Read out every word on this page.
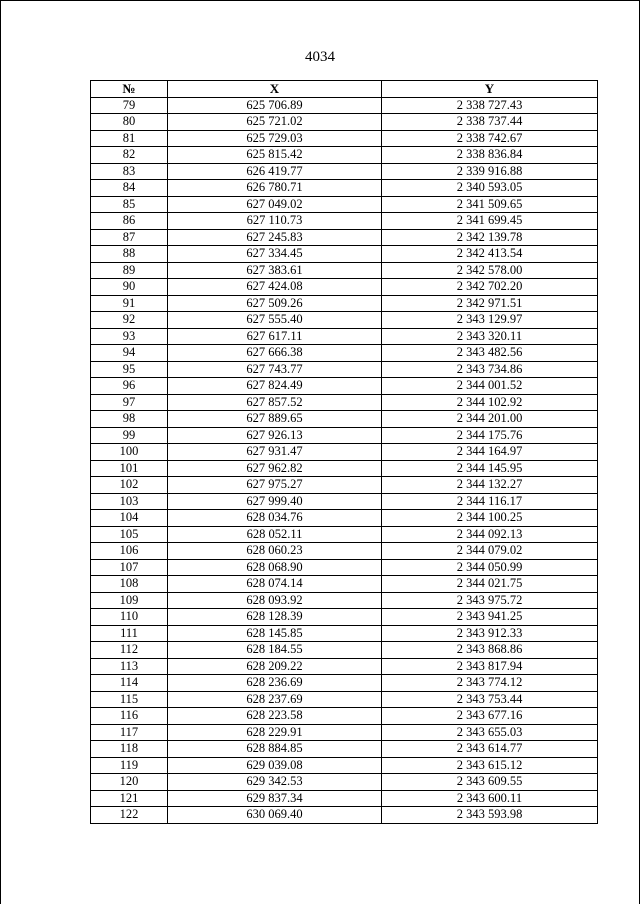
4034
№	X	Y
79	625 706.89	2 338 727.43
80	625 721.02	2 338 737.44
81	625 729.03	2 338 742.67
82	625 815.42	2 338 836.84
83	626 419.77	2 339 916.88
84	626 780.71	2 340 593.05
85	627 049.02	2 341 509.65
86	627 110.73	2 341 699.45
87	627 245.83	2 342 139.78
88	627 334.45	2 342 413.54
89	627 383.61	2 342 578.00
90	627 424.08	2 342 702.20
91	627 509.26	2 342 971.51
92	627 555.40	2 343 129.97
93	627 617.11	2 343 320.11
94	627 666.38	2 343 482.56
95	627 743.77	2 343 734.86
96	627 824.49	2 344 001.52
97	627 857.52	2 344 102.92
98	627 889.65	2 344 201.00
99	627 926.13	2 344 175.76
100	627 931.47	2 344 164.97
101	627 962.82	2 344 145.95
102	627 975.27	2 344 132.27
103	627 999.40	2 344 116.17
104	628 034.76	2 344 100.25
105	628 052.11	2 344 092.13
106	628 060.23	2 344 079.02
107	628 068.90	2 344 050.99
108	628 074.14	2 344 021.75
109	628 093.92	2 343 975.72
110	628 128.39	2 343 941.25
111	628 145.85	2 343 912.33
112	628 184.55	2 343 868.86
113	628 209.22	2 343 817.94
114	628 236.69	2 343 774.12
115	628 237.69	2 343 753.44
116	628 223.58	2 343 677.16
117	628 229.91	2 343 655.03
118	628 884.85	2 343 614.77
119	629 039.08	2 343 615.12
120	629 342.53	2 343 609.55
121	629 837.34	2 343 600.11
122	630 069.40	2 343 593.98
